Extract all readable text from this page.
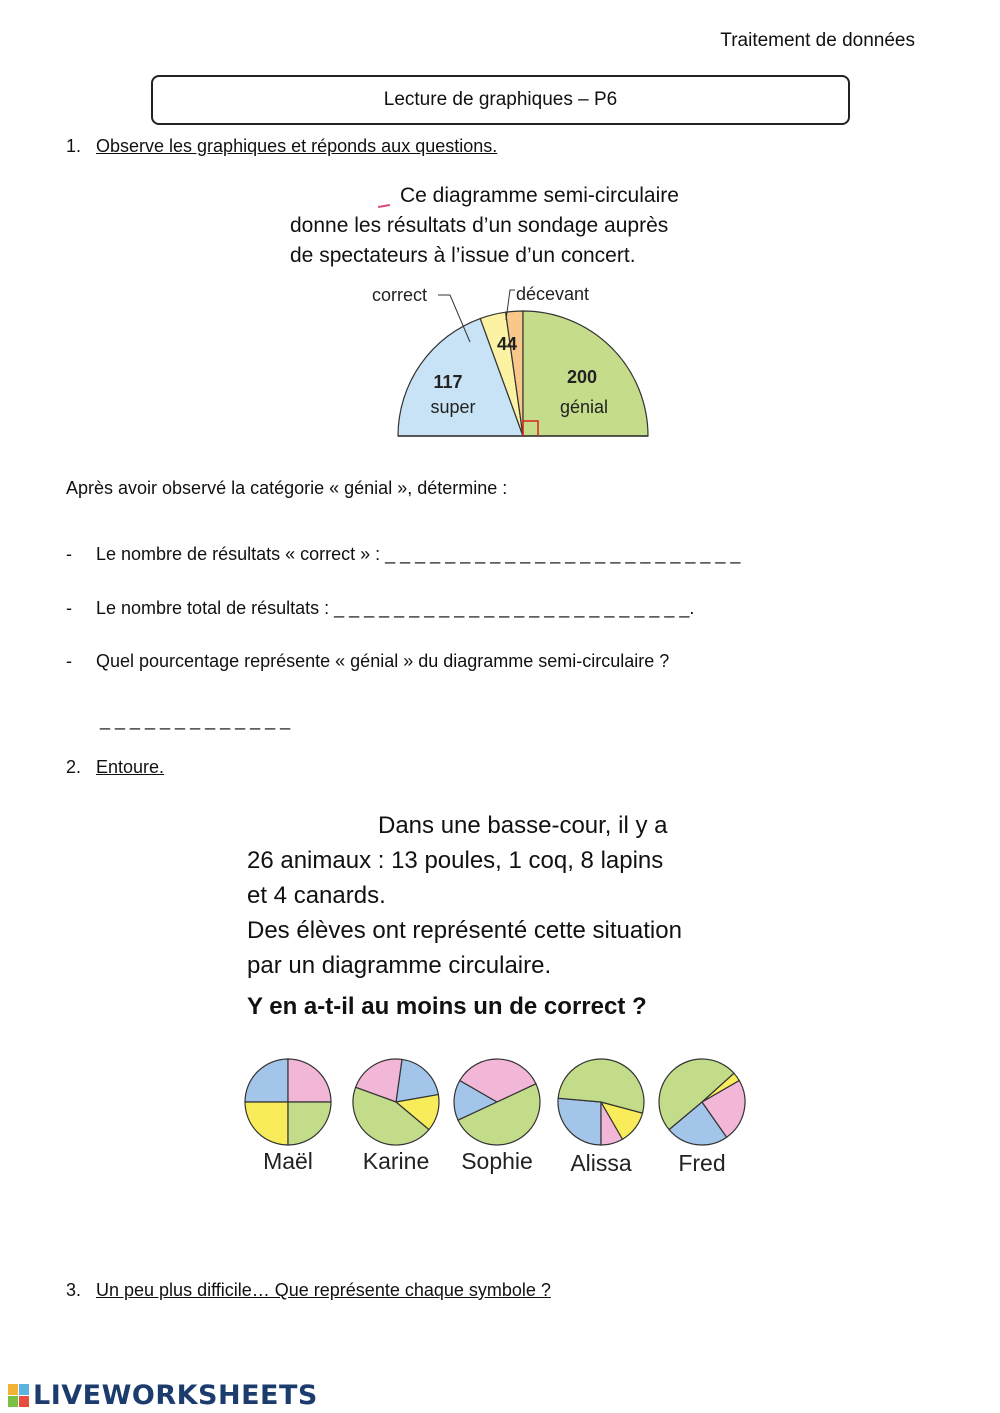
Traitement de données
Lecture de graphiques – P6
1. Observe les graphiques et réponds aux questions.
Ce diagramme semi-circulaire
donne les résultats d’un sondage auprès
de spectateurs à l’issue d’un concert.
correct	décevant
44
117
super
200
génial
Après avoir observé la catégorie « génial », détermine :
- Le nombre de résultats « correct » : _ _ _ _ _ _ _ _ _ _ _ _ _ _ _ _ _ _ _ _ _ _ _ _
- Le nombre total de résultats : _ _ _ _ _ _ _ _ _ _ _ _ _ _ _ _ _ _ _ _ _ _ _ _.
- Quel pourcentage représente « génial » du diagramme semi-circulaire ?
_ _ _ _ _ _ _ _ _ _ _ _ _
2. Entoure.
Dans une basse-cour, il y a
26 animaux : 13 poules, 1 coq, 8 lapins
et 4 canards.
Des élèves ont représenté cette situation
par un diagramme circulaire.
Y en a-t-il au moins un de correct ?
Maël Karine Sophie Alissa Fred
3. Un peu plus difficile… Que représente chaque symbole ?
LIVEWORKSHEETS
